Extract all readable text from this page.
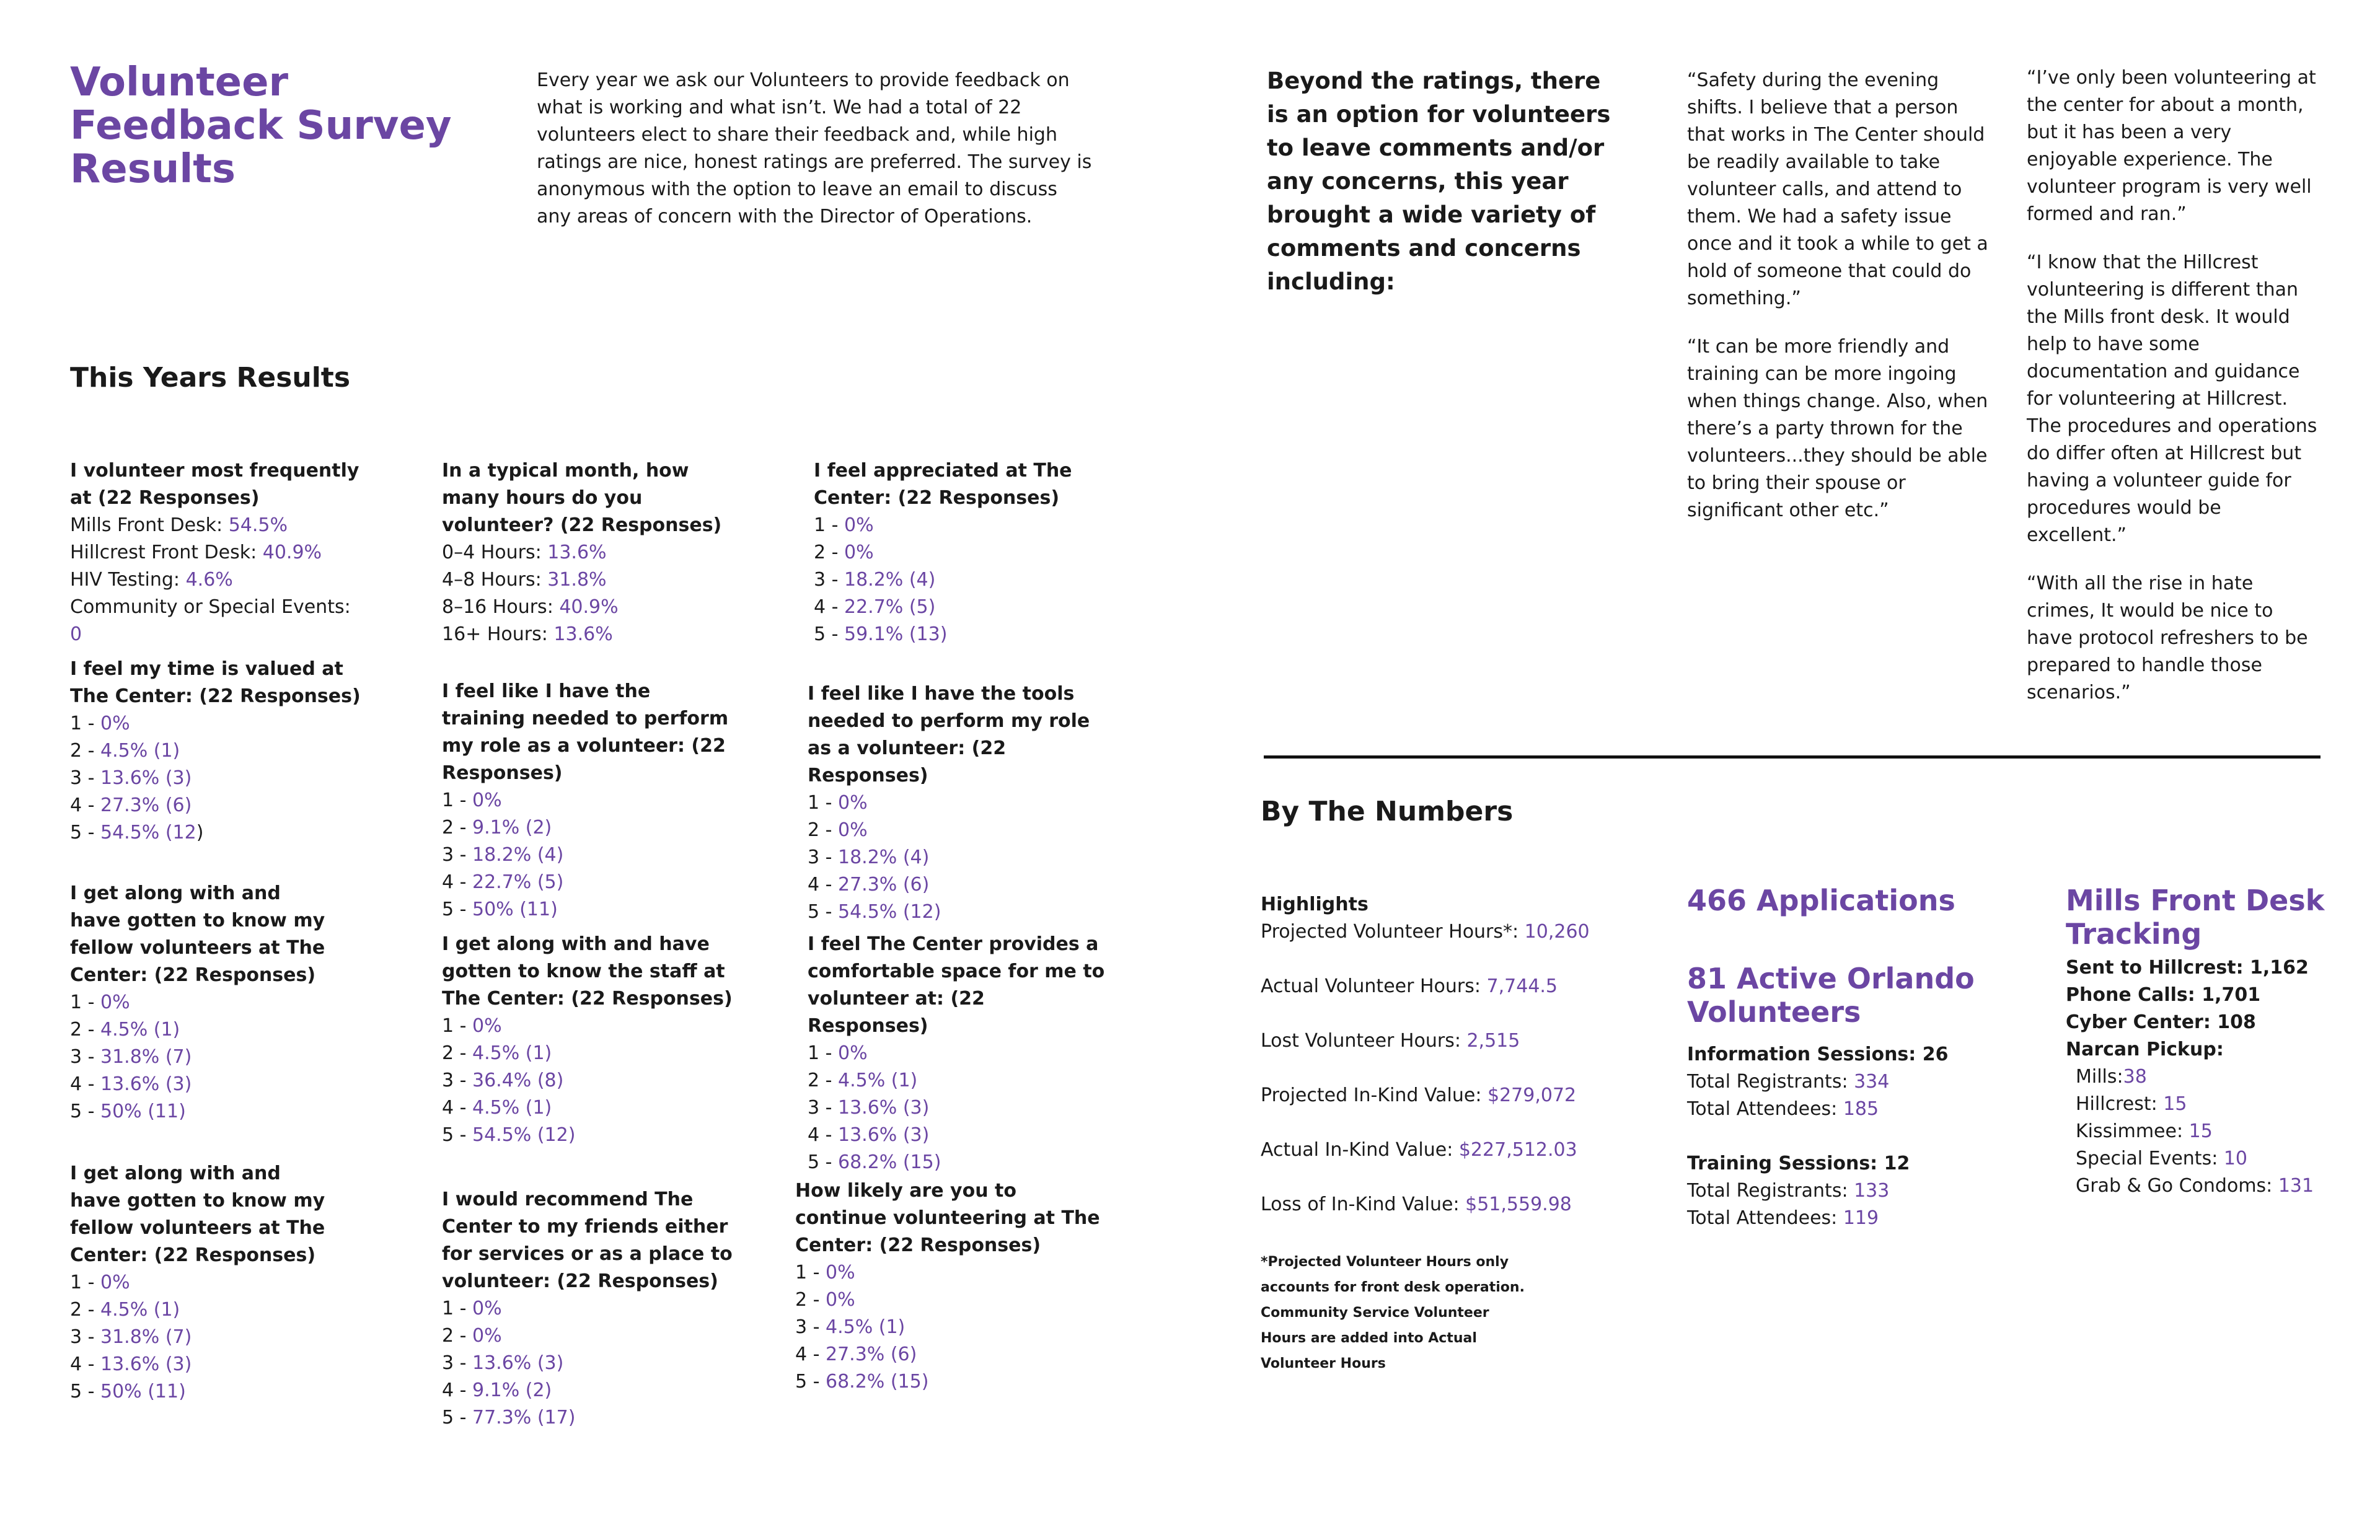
Volunteer Feedback Survey Results
Every year we ask our Volunteers to provide feedback on what is working and what isn’t. We had a total of 22 volunteers elect to share their feedback and, while high ratings are nice, honest ratings are preferred. The survey is anonymous with the option to leave an email to discuss any areas of concern with the Director of Operations.
This Years Results
I volunteer most frequently at (22 Responses)
Mills Front Desk: 54.5%
Hillcrest Front Desk: 40.9%
HIV Testing: 4.6%
Community or Special Events: 0
I feel my time is valued at The Center: (22 Responses)
1 - 0%
2 - 4.5% (1)
3 - 13.6% (3)
4 - 27.3% (6)
5 - 54.5% (12)
I get along with and have gotten to know my fellow volunteers at The Center: (22 Responses)
1 - 0%
2 - 4.5% (1)
3 - 31.8% (7)
4 - 13.6% (3)
5 - 50% (11)
I get along with and have gotten to know my fellow volunteers at The Center: (22 Responses)
1 - 0%
2 - 4.5% (1)
3 - 31.8% (7)
4 - 13.6% (3)
5 - 50% (11)
In a typical month, how many hours do you volunteer? (22 Responses)
0–4 Hours: 13.6%
4–8 Hours: 31.8%
8–16 Hours: 40.9%
16+ Hours: 13.6%
I feel like I have the training needed to perform my role as a volunteer: (22 Responses)
1 - 0%
2 - 9.1% (2)
3 - 18.2% (4)
4 - 22.7% (5)
5 - 50% (11)
I get along with and have gotten to know the staff at The Center: (22 Responses)
1 - 0%
2 - 4.5% (1)
3 - 36.4% (8)
4 - 4.5% (1)
5 - 54.5% (12)
I would recommend The Center to my friends either for services or as a place to volunteer: (22 Responses)
1 - 0%
2 - 0%
3 - 13.6% (3)
4 - 9.1% (2)
5 - 77.3% (17)
I feel appreciated at The Center: (22 Responses)
1 - 0%
2 - 0%
3 - 18.2% (4)
4 - 22.7% (5)
5 - 59.1% (13)
I feel like I have the tools needed to perform my role as a volunteer: (22 Responses)
1 - 0%
2 - 0%
3 - 18.2% (4)
4 - 27.3% (6)
5 - 54.5% (12)
I feel The Center provides a comfortable space for me to volunteer at: (22 Responses)
1 - 0%
2 - 4.5% (1)
3 - 13.6% (3)
4 - 13.6% (3)
5 - 68.2% (15)
How likely are you to continue volunteering at The Center: (22 Responses)
1 - 0%
2 - 0%
3 - 4.5% (1)
4 - 27.3% (6)
5 - 68.2% (15)
Beyond the ratings, there is an option for volunteers to leave comments and/or any concerns, this year brought a wide variety of comments and concerns including:

“Safety during the evening shifts. I believe that a person that works in The Center should be readily available to take volunteer calls, and attend to them. We had a safety issue once and it took a while to get a hold of someone that could do something.”

“It can be more friendly and training can be more ingoing when things change. Also, when there’s a party thrown for the volunteers...they should be able to bring their spouse or significant other etc.”

“I’ve only been volunteering at the center for about a month, but it has been a very enjoyable experience. The volunteer program is very well formed and ran.”

“I know that the Hillcrest volunteering is different than the Mills front desk. It would help to have some documentation and guidance for volunteering at Hillcrest. The procedures and operations do differ often at Hillcrest but having a volunteer guide for procedures would be excellent.”

“With all the rise in hate crimes, It would be nice to have protocol refreshers to be prepared to handle those scenarios.”

By The Numbers
Highlights
Projected Volunteer Hours*: 10,260
Actual Volunteer Hours: 7,744.5
Lost Volunteer Hours: 2,515
Projected In-Kind Value: $279,072
Actual In-Kind Value: $227,512.03
Loss of In-Kind Value: $51,559.98
*Projected Volunteer Hours only accounts for front desk operation. Community Service Volunteer Hours are added into Actual Volunteer Hours
466 Applications
81 Active Orlando Volunteers
Information Sessions: 26
Total Registrants: 334
Total Attendees: 185
Training Sessions: 12
Total Registrants: 133
Total Attendees: 119
Mills Front Desk Tracking
Sent to Hillcrest: 1,162
Phone Calls: 1,701
Cyber Center: 108
Narcan Pickup:
Mills:38
Hillcrest: 15
Kissimmee: 15
Special Events: 10
Grab & Go Condoms: 131
